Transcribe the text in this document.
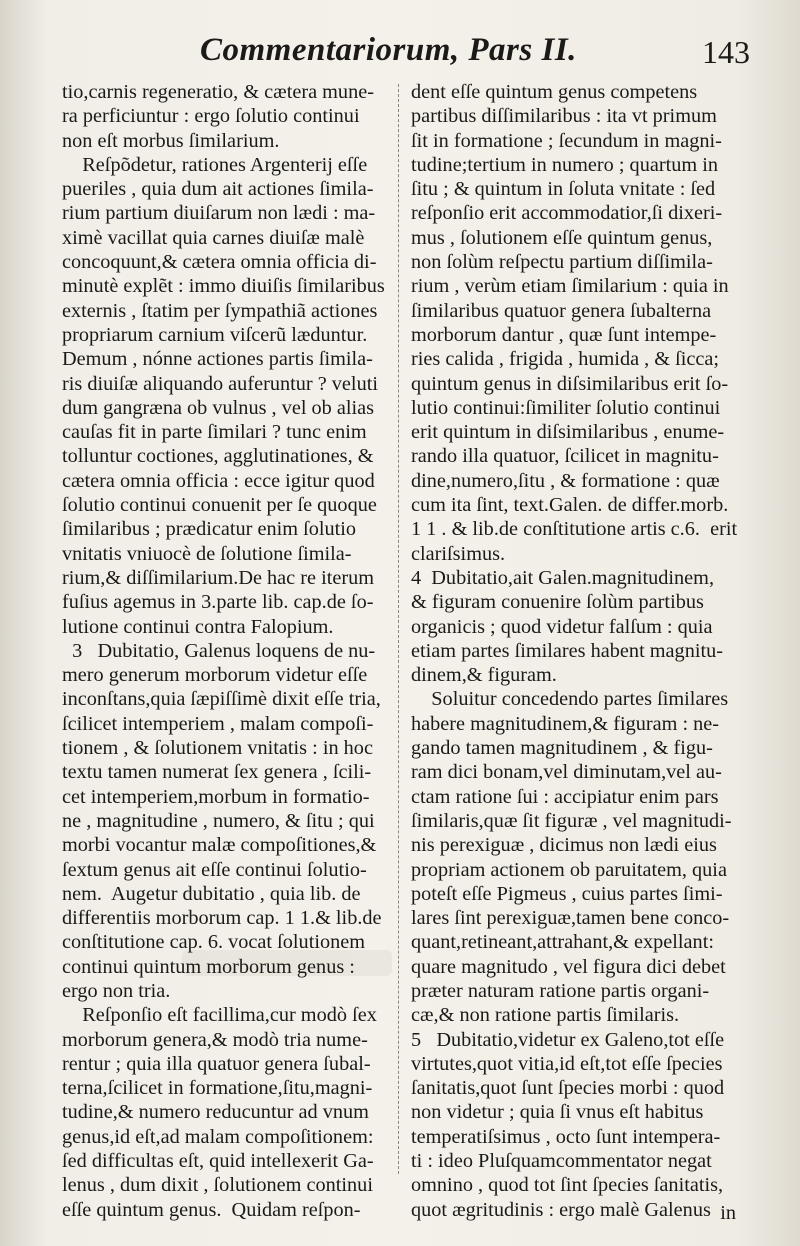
Commentariorum, Pars II.	143
tio,carnis regeneratio, & cætera mune-
ra perficiuntur : ergo ſolutio continui
non eſt morbus ſimilarium.
Reſpõdetur, rationes Argenterij eſſe
pueriles , quia dum ait actiones ſimila-
rium partium diuiſarum non lædi : ma-
ximè vacillat quia carnes diuiſæ malè
concoquunt,& cætera omnia officia di-
minutè explẽt : immo diuiſis ſimilaribus
externis , ſtatim per ſympathiã actiones
propriarum carnium viſcerũ læduntur.
Demum , nónne actiones partis ſimila-
ris diuiſæ aliquando auferuntur ? veluti
dum gangræna ob vulnus , vel ob alias
cauſas fit in parte ſimilari ? tunc enim
tolluntur coctiones, agglutinationes, &
cætera omnia officia : ecce igitur quod
ſolutio continui conuenit per ſe quoque
ſimilaribus ; prædicatur enim ſolutio
vnitatis vniuocè de ſolutione ſimila-
rium,& diſſimilarium.De hac re iterum
fuſius agemus in 3.parte lib. cap.de ſo-
lutione continui contra Falopium.
3   Dubitatio, Galenus loquens de nu-
mero generum morborum videtur eſſe
inconſtans,quia ſæpiſſimè dixit eſſe tria,
ſcilicet intemperiem , malam compoſi-
tionem , & ſolutionem vnitatis : in hoc
textu tamen numerat ſex genera , ſcili-
cet intemperiem,morbum in formatio-
ne , magnitudine , numero, & ſitu ; qui
morbi vocantur malæ compoſitiones,&
ſextum genus ait eſſe continui ſolutio-
nem.  Augetur dubitatio , quia lib. de
differentiis morborum cap. 1 1.& lib.de
conſtitutione cap. 6. vocat ſolutionem
continui quintum morborum genus :
ergo non tria.
Reſponſio eſt facillima,cur modò ſex
morborum genera,& modò tria nume-
rentur ; quia illa quatuor genera ſubal-
terna,ſcilicet in formatione,ſitu,magni-
tudine,& numero reducuntur ad vnum
genus,id eſt,ad malam compoſitionem:
ſed difficultas eſt, quid intellexerit Ga-
lenus , dum dixit , ſolutionem continui
eſſe quintum genus.  Quidam reſpon-
dent eſſe quintum genus competens
partibus diſſimilaribus : ita vt primum
ſit in formatione ; ſecundum in magni-
tudine;tertium in numero ; quartum in
ſitu ; & quintum in ſoluta vnitate : ſed
reſponſio erit accommodatior,ſi dixeri-
mus , ſolutionem eſſe quintum genus,
non ſolùm reſpectu partium diſſimila-
rium , verùm etiam ſimilarium : quia in
ſimilaribus quatuor genera ſubalterna
morborum dantur , quæ ſunt intempe-
ries calida , frigida , humida , & ſicca;
quintum genus in diſsimilaribus erit ſo-
lutio continui:ſimiliter ſolutio continui
erit quintum in diſsimilaribus , enume-
rando illa quatuor, ſcilicet in magnitu-
dine,numero,ſitu , & formatione : quæ
cum ita ſint, text.Galen. de differ.morb.
1 1 . & lib.de conſtitutione artis c.6.  erit
clariſsimus.
4  Dubitatio,ait Galen.magnitudinem,
& figuram conuenire ſolùm partibus
organicis ; quod videtur falſum : quia
etiam partes ſimilares habent magnitu-
dinem,& figuram.
Soluitur concedendo partes ſimilares
habere magnitudinem,& figuram : ne-
gando tamen magnitudinem , & figu-
ram dici bonam,vel diminutam,vel au-
ctam ratione ſui : accipiatur enim pars
ſimilaris,quæ ſit figuræ , vel magnitudi-
nis perexiguæ , dicimus non lædi eius
propriam actionem ob paruitatem, quia
poteſt eſſe Pigmeus , cuius partes ſimi-
lares ſint perexiguæ,tamen bene conco-
quant,retineant,attrahant,& expellant:
quare magnitudo , vel figura dici debet
præter naturam ratione partis organi-
cæ,& non ratione partis ſimilaris.
5   Dubitatio,videtur ex Galeno,tot eſſe
virtutes,quot vitia,id eſt,tot eſſe ſpecies
ſanitatis,quot ſunt ſpecies morbi : quod
non videtur ; quia ſi vnus eſt habitus
temperatiſsimus , octo ſunt intempera-
ti : ideo Pluſquamcommentator negat
omnino , quod tot ſint ſpecies ſanitatis,
quot ægritudinis : ergo malè Galenus in
